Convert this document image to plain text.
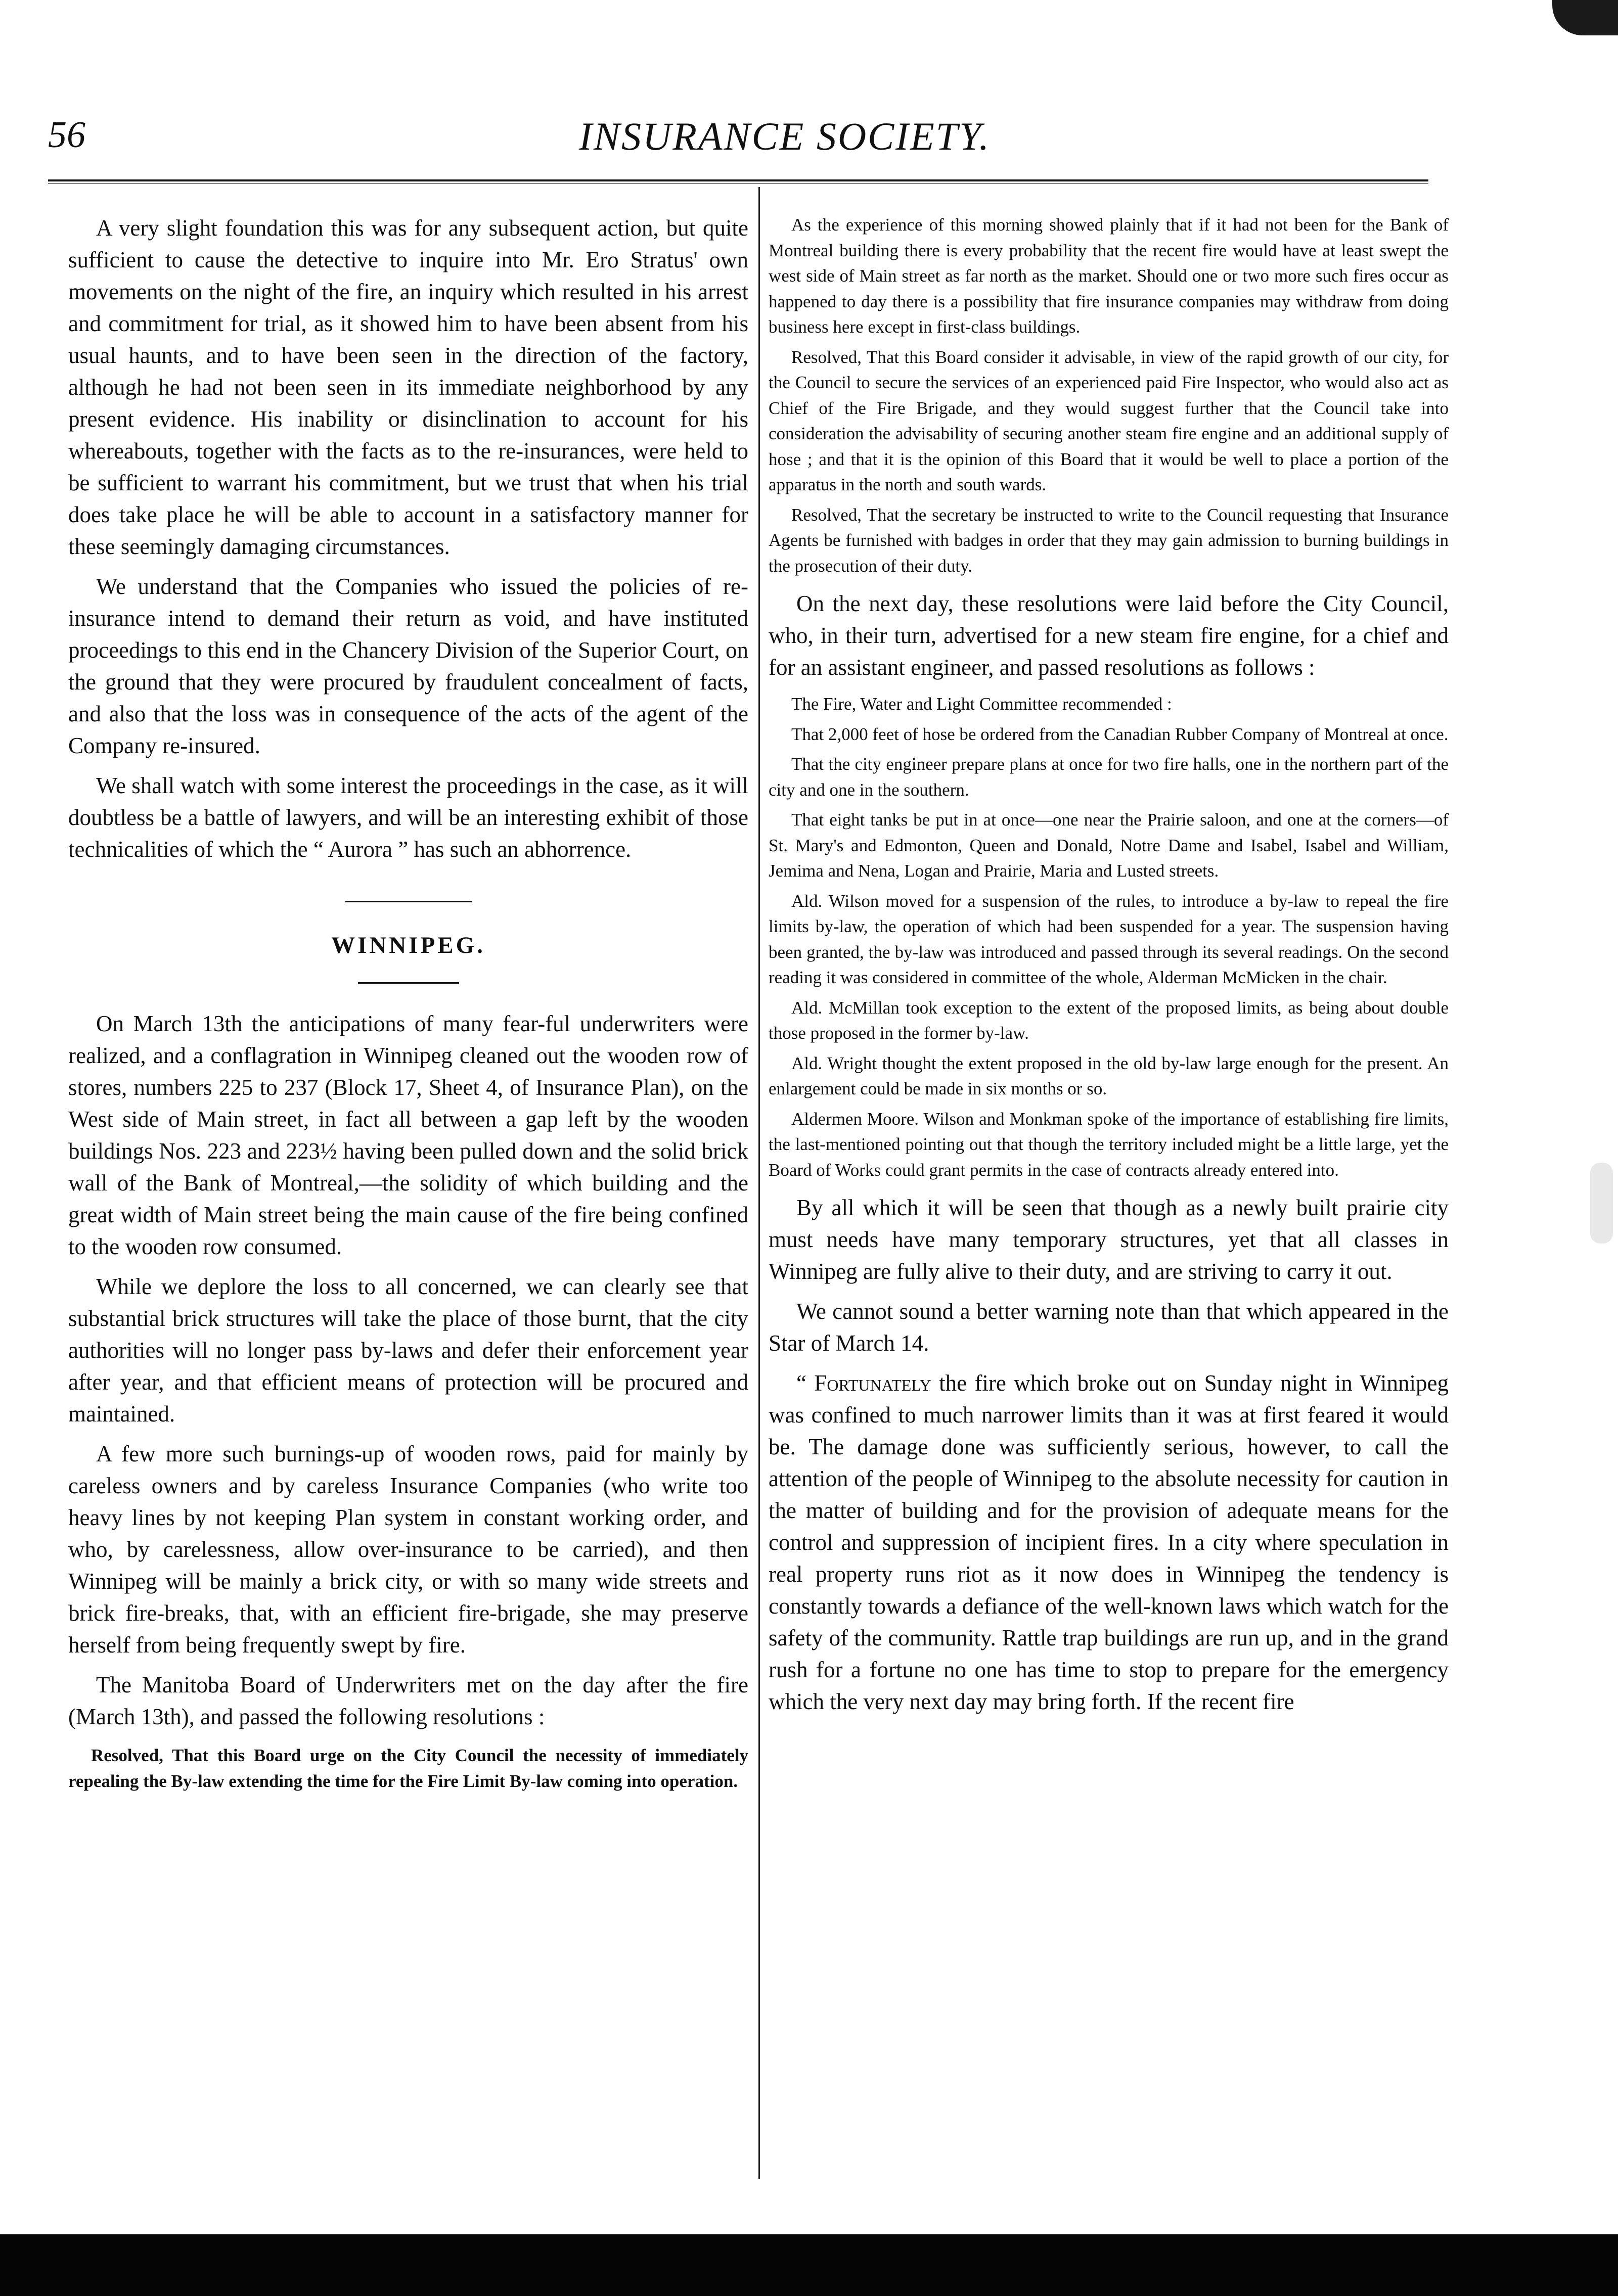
56	INSURANCE SOCIETY.

A very slight foundation this was for any subsequent action, but quite sufficient to cause the detective to inquire into Mr. Ero Stratus' own movements on the night of the fire, an inquiry which resulted in his arrest and commitment for trial, as it showed him to have been absent from his usual haunts, and to have been seen in the direction of the factory, although he had not been seen in its immediate neighborhood by any present evidence. His inability or disinclination to account for his whereabouts, together with the facts as to the re-insurances, were held to be sufficient to warrant his commitment, but we trust that when his trial does take place he will be able to account in a satisfactory manner for these seemingly damaging circumstances.

We understand that the Companies who issued the policies of re-insurance intend to demand their return as void, and have instituted proceedings to this end in the Chancery Division of the Superior Court, on the ground that they were procured by fraudulent concealment of facts, and also that the loss was in consequence of the acts of the agent of the Company re-insured.

We shall watch with some interest the proceedings in the case, as it will doubtless be a battle of lawyers, and will be an interesting exhibit of those technicalities of which the “ Aurora ” has such an abhorrence.

WINNIPEG.

On March 13th the anticipations of many fear-ful underwriters were realized, and a conflagration in Winnipeg cleaned out the wooden row of stores, numbers 225 to 237 (Block 17, Sheet 4, of Insurance Plan), on the West side of Main street, in fact all between a gap left by the wooden buildings Nos. 223 and 223½ having been pulled down and the solid brick wall of the Bank of Montreal,—the solidity of which building and the great width of Main street being the main cause of the fire being confined to the wooden row consumed.

While we deplore the loss to all concerned, we can clearly see that substantial brick structures will take the place of those burnt, that the city authorities will no longer pass by-laws and defer their enforcement year after year, and that efficient means of protection will be procured and maintained.

A few more such burnings-up of wooden rows, paid for mainly by careless owners and by careless Insurance Companies (who write too heavy lines by not keeping Plan system in constant working order, and who, by carelessness, allow over-insurance to be carried), and then Winnipeg will be mainly a brick city, or with so many wide streets and brick fire-breaks, that, with an efficient fire-brigade, she may preserve herself from being frequently swept by fire.

The Manitoba Board of Underwriters met on the day after the fire (March 13th), and passed the following resolutions :

Resolved, That this Board urge on the City Council the necessity of immediately repealing the By-law extending the time for the Fire Limit By-law coming into operation.

As the experience of this morning showed plainly that if it had not been for the Bank of Montreal building there is every probability that the recent fire would have at least swept the west side of Main street as far north as the market. Should one or two more such fires occur as happened to day there is a possibility that fire insurance companies may withdraw from doing business here except in first-class buildings.

Resolved, That this Board consider it advisable, in view of the rapid growth of our city, for the Council to secure the services of an experienced paid Fire Inspector, who would also act as Chief of the Fire Brigade, and they would suggest further that the Council take into consideration the advisability of securing another steam fire engine and an additional supply of hose ; and that it is the opinion of this Board that it would be well to place a portion of the apparatus in the north and south wards.

Resolved, That the secretary be instructed to write to the Council requesting that Insurance Agents be furnished with badges in order that they may gain admission to burning buildings in the prosecution of their duty.

On the next day, these resolutions were laid before the City Council, who, in their turn, advertised for a new steam fire engine, for a chief and for an assistant engineer, and passed resolutions as follows :

The Fire, Water and Light Committee recommended :

That 2,000 feet of hose be ordered from the Canadian Rubber Company of Montreal at once.

That the city engineer prepare plans at once for two fire halls, one in the northern part of the city and one in the southern.

That eight tanks be put in at once—one near the Prairie saloon, and one at the corners—of St. Mary's and Edmonton, Queen and Donald, Notre Dame and Isabel, Isabel and William, Jemima and Nena, Logan and Prairie, Maria and Lusted streets.

Ald. Wilson moved for a suspension of the rules, to introduce a by-law to repeal the fire limits by-law, the operation of which had been suspended for a year. The suspension having been granted, the by-law was introduced and passed through its several readings. On the second reading it was considered in committee of the whole, Alderman McMicken in the chair.

Ald. McMillan took exception to the extent of the proposed limits, as being about double those proposed in the former by-law.

Ald. Wright thought the extent proposed in the old by-law large enough for the present. An enlargement could be made in six months or so.

Aldermen Moore. Wilson and Monkman spoke of the importance of establishing fire limits, the last-mentioned pointing out that though the territory included might be a little large, yet the Board of Works could grant permits in the case of contracts already entered into.

By all which it will be seen that though as a newly built prairie city must needs have many temporary structures, yet that all classes in Winnipeg are fully alive to their duty, and are striving to carry it out.

We cannot sound a better warning note than that which appeared in the Star of March 14.

“ Fortunately the fire which broke out on Sunday night in Winnipeg was confined to much narrower limits than it was at first feared it would be. The damage done was sufficiently serious, however, to call the attention of the people of Winnipeg to the absolute necessity for caution in the matter of building and for the provision of adequate means for the control and suppression of incipient fires. In a city where speculation in real property runs riot as it now does in Winnipeg the tendency is constantly towards a defiance of the well-known laws which watch for the safety of the community. Rattle trap buildings are run up, and in the grand rush for a fortune no one has time to stop to prepare for the emergency which the very next day may bring forth. If the recent fire
